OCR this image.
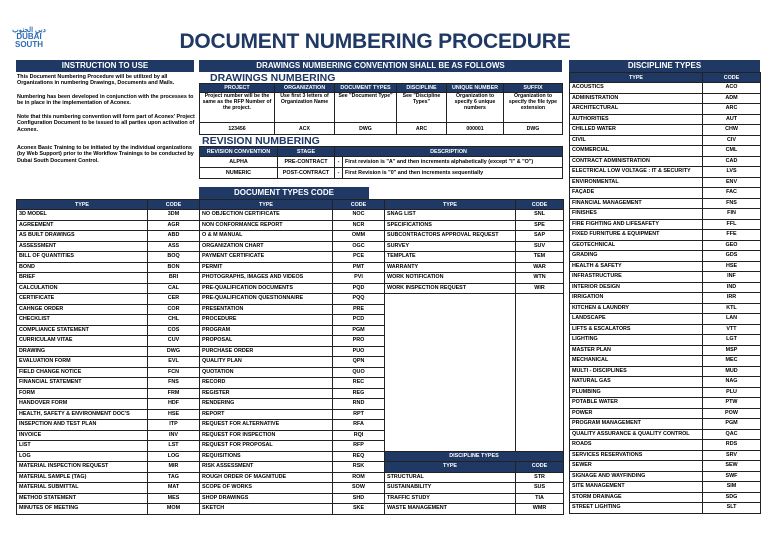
دبي الجنوب
DUBAI
SOUTH	DOCUMENT NUMBERING PROCEDURE
INSTRUCTION TO USE
This Document Numbering Procedure will be utilized by all Organizations in numbering Drawings, Documents and Mails.
Numbering has been developed in conjunction with the processes to be in place in the implementation of Aconex.
Note that this numbering convention will form part of Aconex' Project Configuration Document to be issued to all parties upon activation of Aconex.
Aconex Basic Training to be initiated by the individual organizations (by Web Support) prior to the Workflow Trainings to be conducted by Dubai South Document Control.
DRAWINGS NUMBERING CONVENTION SHALL BE AS FOLLOWS
DRAWINGS NUMBERING
PROJECT	ORGANIZATION	DOCUMENT TYPES	DISCIPLINE	UNIQUE NUMBER	SUFFIX
Project number will be the same as the RFP Number of the project.	Use first 3 letters of Organization Name	See "Document Type"	See "Discipline Types"	Organization to specify 6 unique numbers	Organization to specify the file type extension
123456	ACX	DWG	ARC	000001	DWG
REVISION NUMBERING
REVISION CONVENTION	STAGE	DESCRIPTION	
ALPHA	PRE-CONTRACT	-	First revision is "A" and then increments alphabetically (except "I" & "O")
NUMERIC	POST-CONTRACT	-	First Revision is "0" and then increments sequentially
DOCUMENT TYPES CODE
TYPE	CODE	TYPE	CODE	TYPE	CODE
3D MODEL	3DM	NO OBJECTION CERTIFICATE	NOC	SNAG LIST	SNL
AGREEMENT	AGR	NON CONFORMANCE REPORT	NCR	SPECIFICATIONS	SPE
AS BUILT DRAWINGS	ABD	O & M MANUAL	OMM	SUBCONTRACTORS APPROVAL REQUEST	SAP
ASSESSMENT	ASS	ORGANIZATION CHART	OGC	SURVEY	SUV
BILL OF QUANTITIES	BOQ	PAYMENT CERTIFICATE	PCE	TEMPLATE	TEM
BOND	BON	PERMIT	PMT	WARRANTY	WAR
BRIEF	BRI	PHOTOGRAPHS, IMAGES AND VIDEOS	PVI	WORK NOTIFICATION	WTN
CALCULATION	CAL	PRE-QUALIFICATION DOCUMENTS	PQD	WORK INSPECTION REQUEST	WIR
CERTIFICATE	CER	PRE-QUALIFICATION QUESTIONNAIRE	PQQ		
CAHNGE ORDER	COR	PRESENTATION	PRE		
CHECKLIST	CHL	PROCEDURE	PCD		
COMPLIANCE STATEMENT	COS	PROGRAM	PGM		
CURRICULAM VITAE	CUV	PROPOSAL	PRO		
DRAWING	DWG	PURCHASE ORDER	PUO		
EVALUATION FORM	EVL	QUALITY PLAN	QPN		
FIELD CHANGE NOTICE	FCN	QUOTATION	QUO		
FINANCIAL STATEMENT	FNS	RECORD	REC		
FORM	FRM	REGISTER	REG		
HANDOVER FORM	HDF	RENDERING	RND		
HEALTH, SAFETY & ENVIRONMENT DOC'S	HSE	REPORT	RPT		
INSEPCTION AND TEST PLAN	ITP	REQUEST FOR ALTERNATIVE	RFA		
INVOICE	INV	REQUEST FOR INSPECTION	RQI		
LIST	LST	REQUEST FOR PROPOSAL	RFP		
LOG	LOG	REQUISITIONS	REQ	DISCIPLINE TYPES	
MATERIAL INSPECTION REQUEST	MIR	RISK ASSESSMENT	RSK	TYPE	CODE
MATERIAL SAMPLE (TAG)	TAG	ROUGH ORDER OF MAGNITUDE	ROM	STRUCTURAL	STR
MATERIAL SUBMITTAL	MAT	SCOPE OF WORKS	SOW	SUSTAINABILITY	SUS
METHOD STATEMENT	MES	SHOP DRAWINGS	SHD	TRAFFIC STUDY	TIA
MINUTES OF MEETING	MOM	SKETCH	SKE	WASTE MANAGEMENT	WMR
DISCIPLINE TYPES
TYPE	CODE
ACOUSTICS	ACO
ADMINISTRATION	ADM
ARCHITECTURAL	ARC
AUTHORITIES	AUT
CHILLED WATER	CHW
CIVIL	CIV
COMMERCIAL	CML
CONTRACT ADMINISTRATION	CAD
ELECTRICAL LOW VOLTAGE : IT & SECURITY	LVS
ENVIRONMENTAL	ENV
FAÇADE	FAC
FINANCIAL MANAGEMENT	FNS
FINISHES	FIN
FIRE FIGHTING AND LIFESAFETY	FFL
FIXED FURNITURE & EQUIPMENT	FFE
GEOTECHNICAL	GEO
GRADING	GDS
HEALTH & SAFETY	HSE
INFRASTRUCTURE	INF
INTERIOR DESIGN	IND
IRRIGATION	IRR
KITCHEN & LAUNDRY	KTL
LANDSCAPE	LAN
LIFTS & ESCALATORS	VTT
LIGHTING	LGT
MASTER PLAN	MSP
MECHANICAL	MEC
MULTI - DISCIPLINES	MUD
NATURAL GAS	NAG
PLUMBING	PLU
POTABLE WATER	PTW
POWER	POW
PROGRAM MANAGEMENT	PGM
QUALITY ASSURANCE & QUALITY CONTROL	QAC
ROADS	RDS
SERVICES RESERVATIONS	SRV
SEWER	SEW
SIGNAGE AND WAYFINDING	SWF
SITE MANAGEMENT	SIM
STORM DRAINAGE	SDG
STREET LIGHTING	SLT
